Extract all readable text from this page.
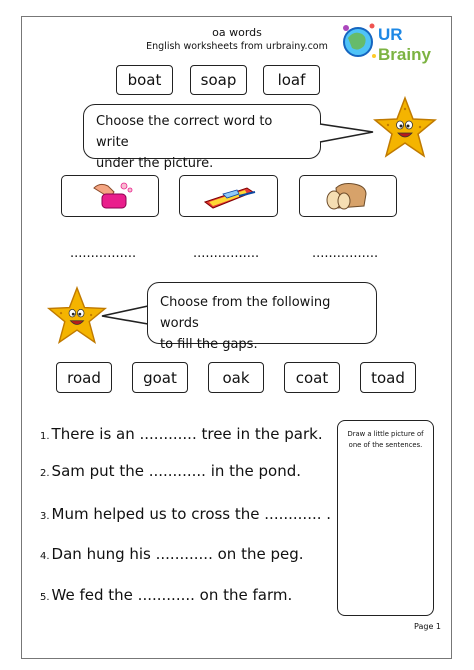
oa words
English worksheets from urbrainy.com
UR
Brainy
boat	soap	loaf
Choose the correct word to write
under the picture.
................	................	................
Choose from the following words
to fill the gaps.
road	goat	oak	coat	toad
1. There is an ............ tree in the park.
2. Sam put the ............ in the pond.
3. Mum helped us to cross the ............ .
4. Dan hung his ............ on the peg.
5. We fed the ............ on the farm.
Draw a little picture of one of the sentences.
Page 1
